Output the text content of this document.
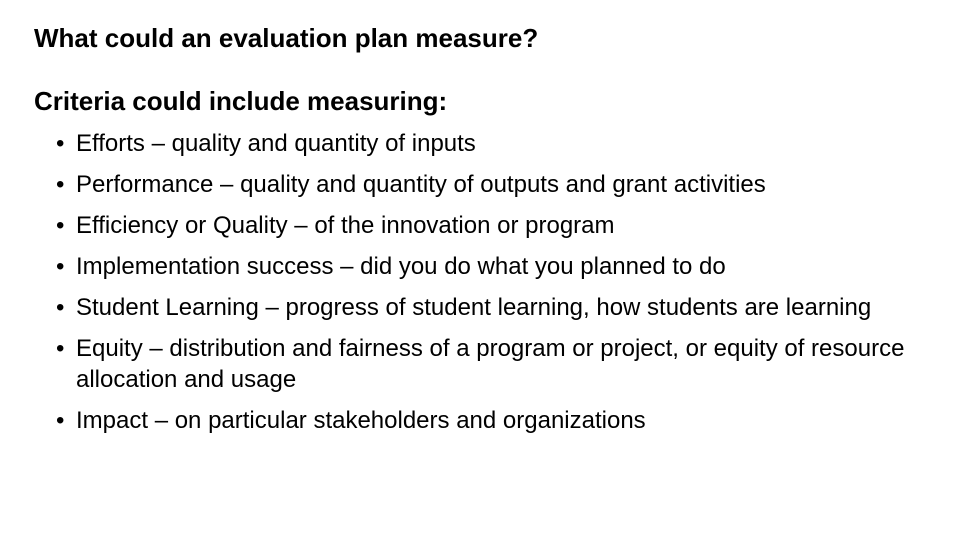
What could an evaluation plan measure?
Criteria could include measuring:
• Efforts – quality and quantity of inputs
• Performance – quality and quantity of outputs and grant activities
• Efficiency or Quality – of the innovation or program
• Implementation success – did you do what you planned to do
• Student Learning – progress of student learning, how students are learning
• Equity – distribution and fairness of a program or project, or equity of resource allocation and usage
• Impact – on particular stakeholders and organizations
